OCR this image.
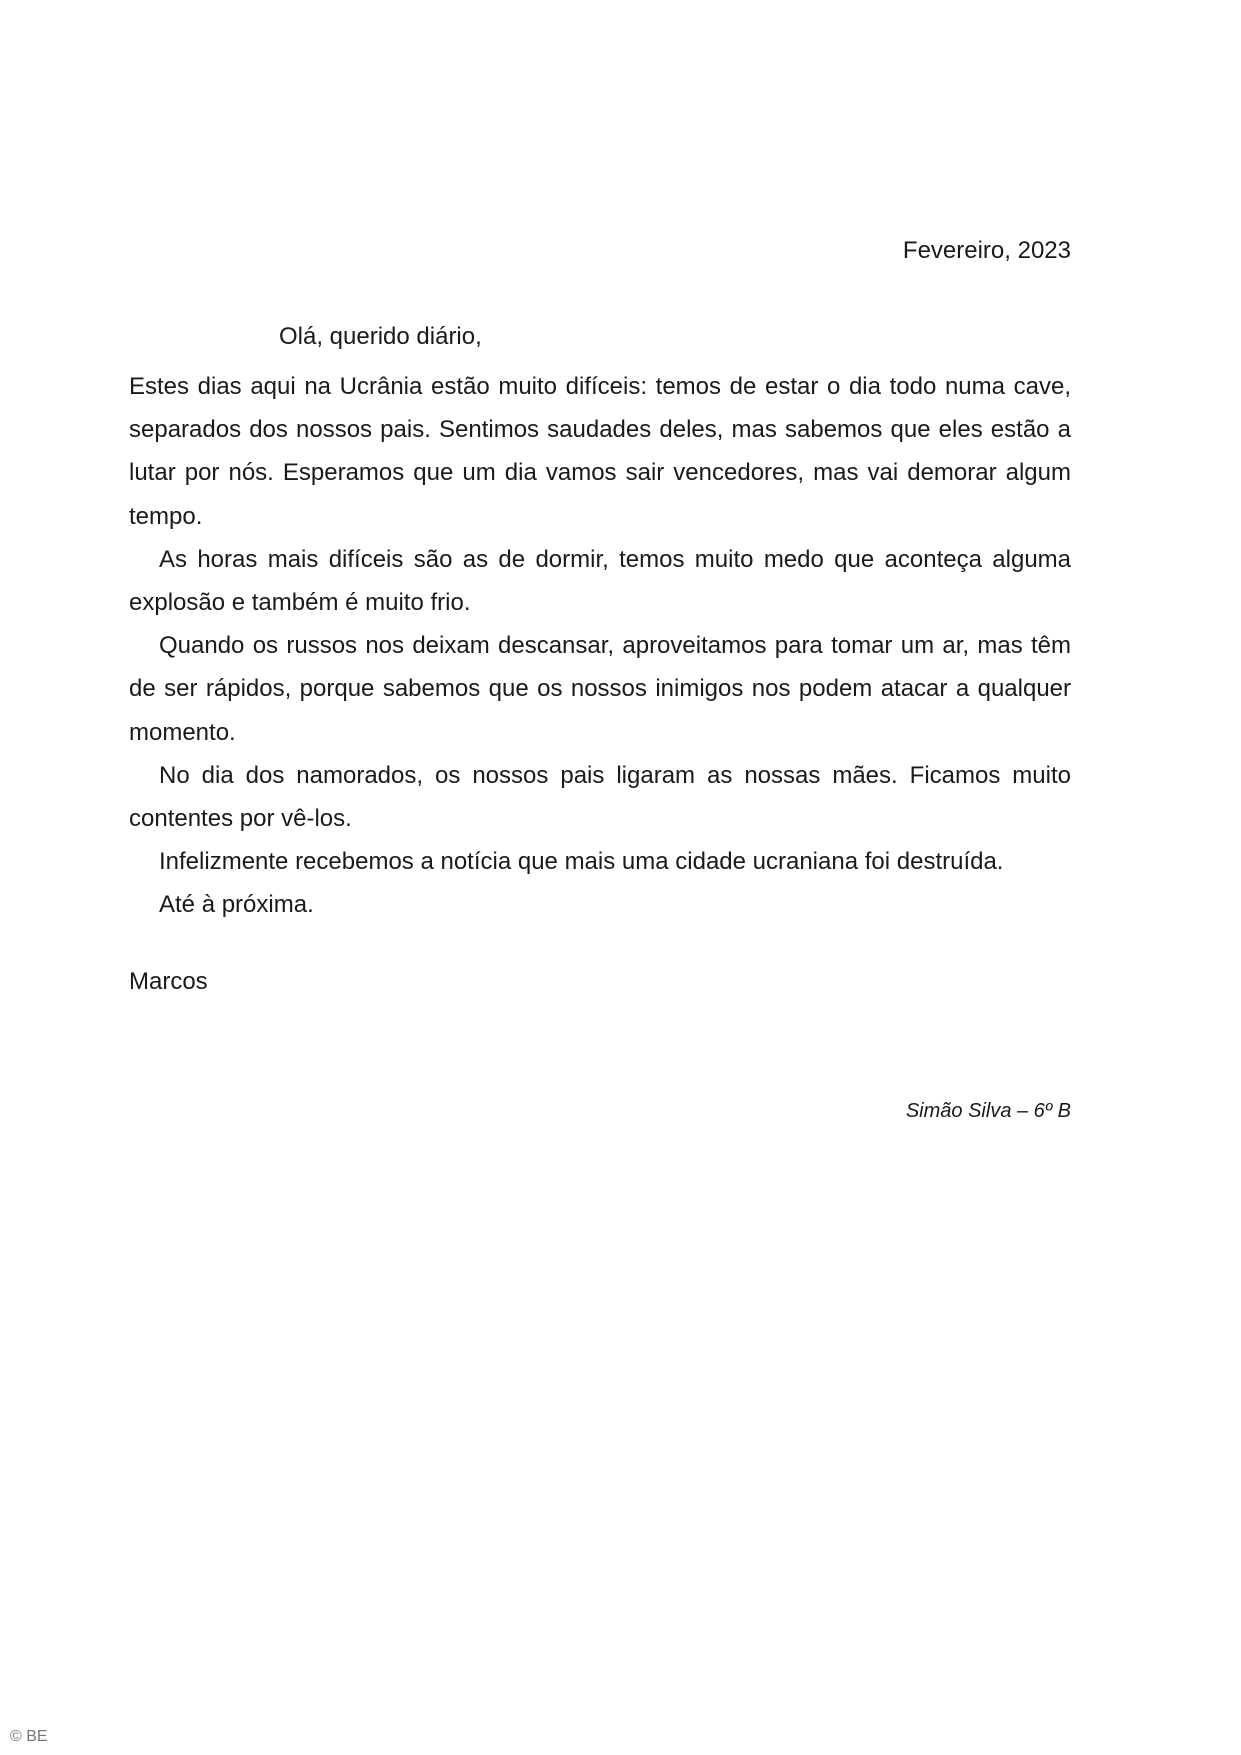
Fevereiro, 2023
Olá, querido diário,

Estes dias aqui na Ucrânia estão muito difíceis: temos de estar o dia todo numa cave, separados dos nossos pais. Sentimos saudades deles, mas sabemos que eles estão a lutar por nós. Esperamos que um dia vamos sair vencedores, mas vai demorar algum tempo.

As horas mais difíceis são as de dormir, temos muito medo que aconteça alguma explosão e também é muito frio.

Quando os russos nos deixam descansar, aproveitamos para tomar um ar, mas têm de ser rápidos, porque sabemos que os nossos inimigos nos podem atacar a qualquer momento.

No dia dos namorados, os nossos pais ligaram as nossas mães. Ficamos muito contentes por vê-los.

Infelizmente recebemos a notícia que mais uma cidade ucraniana foi destruída.

Até à próxima.

Marcos
Simão Silva – 6º B
© BE
